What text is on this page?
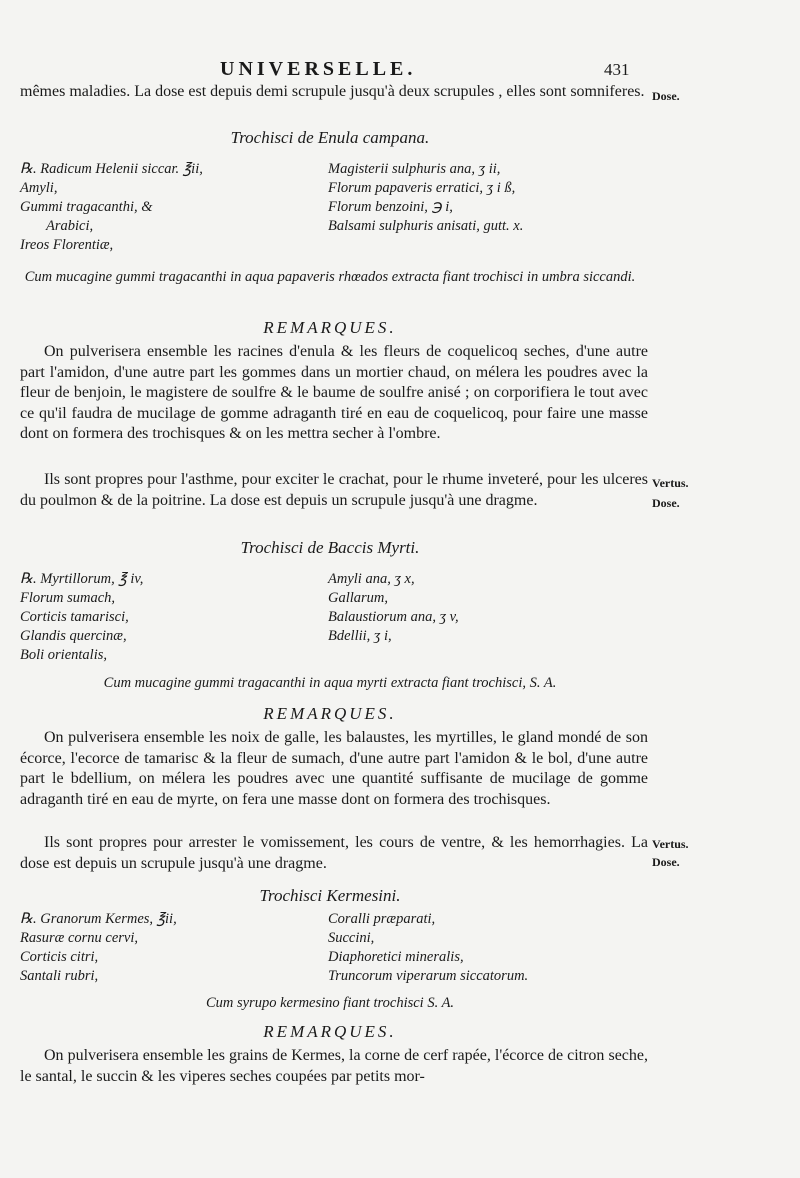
UNIVERSELLE.	431
mêmes maladies. La dose est depuis demi scrupule jusqu'à deux scrupules , elles sont somniferes. Dose.
Trochisci de Enula campana.
℞. Radicum Helenii siccar. ℥ii,
Amyli,
Gummi tragacanthi, &
Arabici,
Ireos Florentiæ,
Magisterii sulphuris ana, ʒ ii,
Florum papaveris erratici, ʒ i ß,
Florum benzoini, ℈ i,
Balsami sulphuris anisati, gutt. x.
Cum mucagine gummi tragacanthi in aqua papaveris rhœados extracta fiant trochisci in umbra siccandi.
REMARQUES.
On pulverisera ensemble les racines d'enula & les fleurs de coquelicoq seches, d'une autre part l'amidon, d'une autre part les gommes dans un mortier chaud, on mélera les poudres avec la fleur de benjoin, le magistere de soulfre & le baume de soulfre anisé ; on corporifiera le tout avec ce qu'il faudra de mucilage de gomme adraganth tiré en eau de coquelicoq, pour faire une masse dont on formera des trochisques & on les mettra secher à l'ombre.
Ils sont propres pour l'asthme, pour exciter le crachat, pour le rhume inveteré, pour les ulceres du poulmon & de la poitrine. La dose est depuis un scrupule jusqu'à une dragme.
Vertus.
Dose.
Trochisci de Baccis Myrti.
℞. Myrtillorum, ℥ iv,
Florum sumach,
Corticis tamarisci,
Glandis quercinæ,
Boli orientalis,
Amyli ana, ʒ x,
Gallarum,
Balaustiorum ana, ʒ v,
Bdellii, ʒ i,
Cum mucagine gummi tragacanthi in aqua myrti extracta fiant trochisci, S. A.
REMARQUES.
On pulverisera ensemble les noix de galle, les balaustes, les myrtilles, le gland mondé de son écorce, l'ecorce de tamarisc & la fleur de sumach, d'une autre part l'amidon & le bol, d'une autre part le bdellium, on mélera les poudres avec une quantité suffisante de mucilage de gomme adraganth tiré en eau de myrte, on fera une masse dont on formera des trochisques.
Ils sont propres pour arrester le vomissement, les cours de ventre, & les hemorrhagies. La dose est depuis un scrupule jusqu'à une dragme.
Vertus.
Dose.
Trochisci Kermesini.
℞. Granorum Kermes, ℥ii,
Rasuræ cornu cervi,
Corticis citri,
Santali rubri,
Coralli præparati,
Succini,
Diaphoretici mineralis,
Truncorum viperarum siccatorum.
Cum syrupo kermesino fiant trochisci S. A.
REMARQUES.
On pulverisera ensemble les grains de Kermes, la corne de cerf rapée, l'écorce de citron seche, le santal, le succin & les viperes seches coupées par petits mor-
